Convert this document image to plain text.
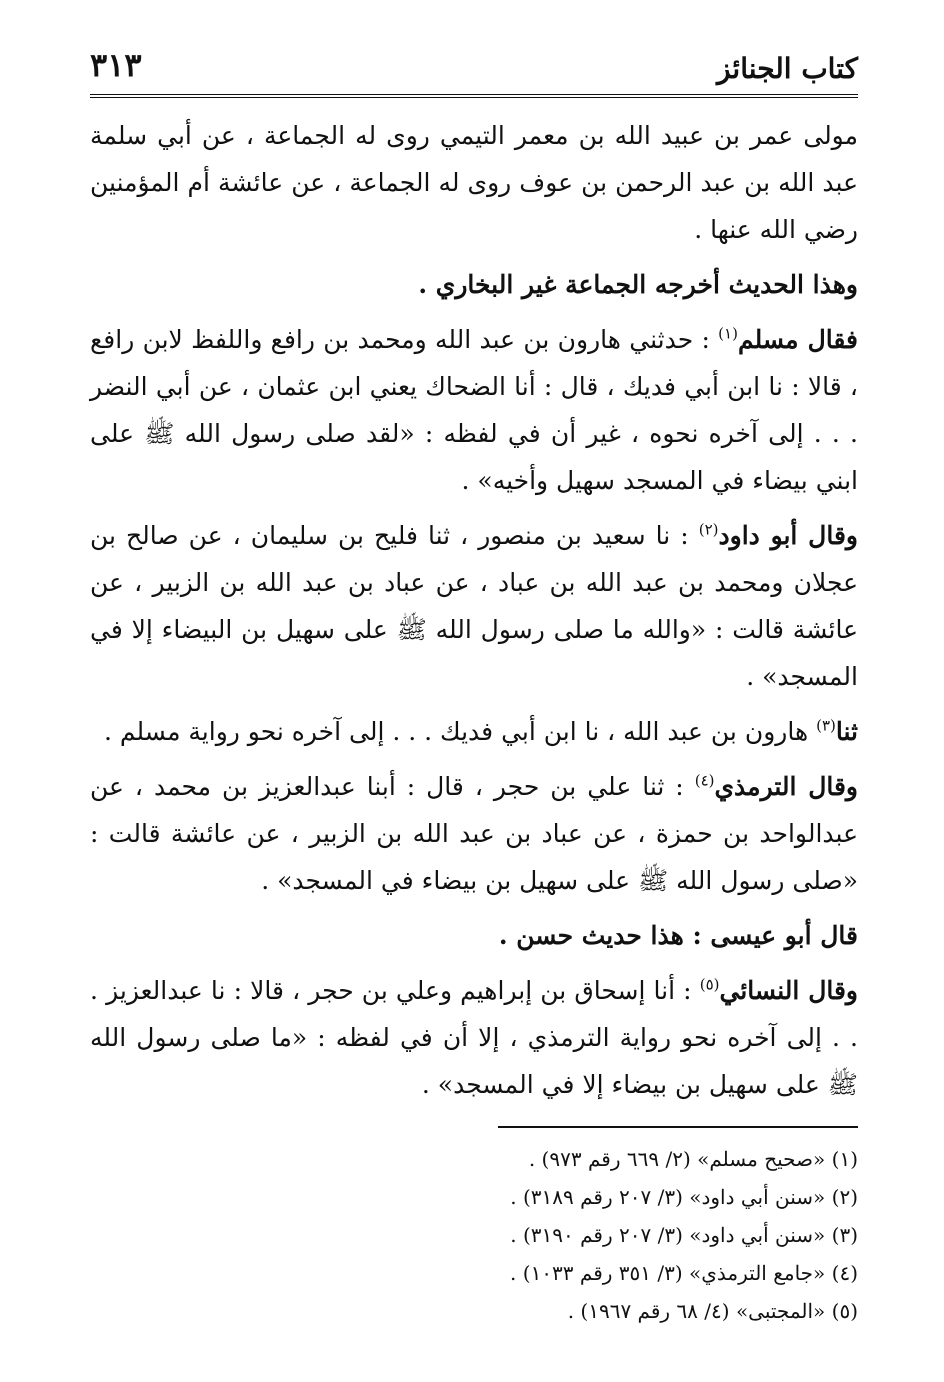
كتاب الجنائز
٣١٣

مولى عمر بن عبيد الله بن معمر التيمي روى له الجماعة ، عن أبي سلمة عبد الله بن عبد الرحمن بن عوف روى له الجماعة ، عن عائشة أم المؤمنين رضي الله عنها .

وهذا الحديث أخرجه الجماعة غير البخاري .

فقال مسلم$^{(١)}$ : حدثني هارون بن عبد الله ومحمد بن رافع واللفظ لابن رافع ، قالا : نا ابن أبي فديك ، قال : أنا الضحاك يعني ابن عثمان ، عن أبي النضر . . . إلى آخره نحوه ، غير أن في لفظه : «لقد صلى رسول الله ﷺ على ابني بيضاء في المسجد سهيل وأخيه» .

وقال أبو داود$^{(٢)}$ : نا سعيد بن منصور ، ثنا فليح بن سليمان ، عن صالح بن عجلان ومحمد بن عبد الله بن عباد ، عن عباد بن عبد الله بن الزبير ، عن عائشة قالت : «والله ما صلى رسول الله ﷺ على سهيل بن البيضاء إلا في المسجد» .

ثنا$^{(٣)}$ هارون بن عبد الله ، نا ابن أبي فديك . . . إلى آخره نحو رواية مسلم .

وقال الترمذي$^{(٤)}$ : ثنا علي بن حجر ، قال : أبنا عبدالعزيز بن محمد ، عن عبدالواحد بن حمزة ، عن عباد بن عبد الله بن الزبير ، عن عائشة قالت : «صلى رسول الله ﷺ على سهيل بن بيضاء في المسجد» .

قال أبو عيسى : هذا حديث حسن .

وقال النسائي$^{(٥)}$ : أنا إسحاق بن إبراهيم وعلي بن حجر ، قالا : نا عبدالعزيز . . . إلى آخره نحو رواية الترمذي ، إلا أن في لفظه : «ما صلى رسول الله ﷺ على سهيل بن بيضاء إلا في المسجد» .

(١) «صحيح مسلم» (٢/ ٦٦٩ رقم ٩٧٣) .
(٢) «سنن أبي داود» (٣/ ٢٠٧ رقم ٣١٨٩) .
(٣) «سنن أبي داود» (٣/ ٢٠٧ رقم ٣١٩٠) .
(٤) «جامع الترمذي» (٣/ ٣٥١ رقم ١٠٣٣) .
(٥) «المجتبى» (٤/ ٦٨ رقم ١٩٦٧) .
